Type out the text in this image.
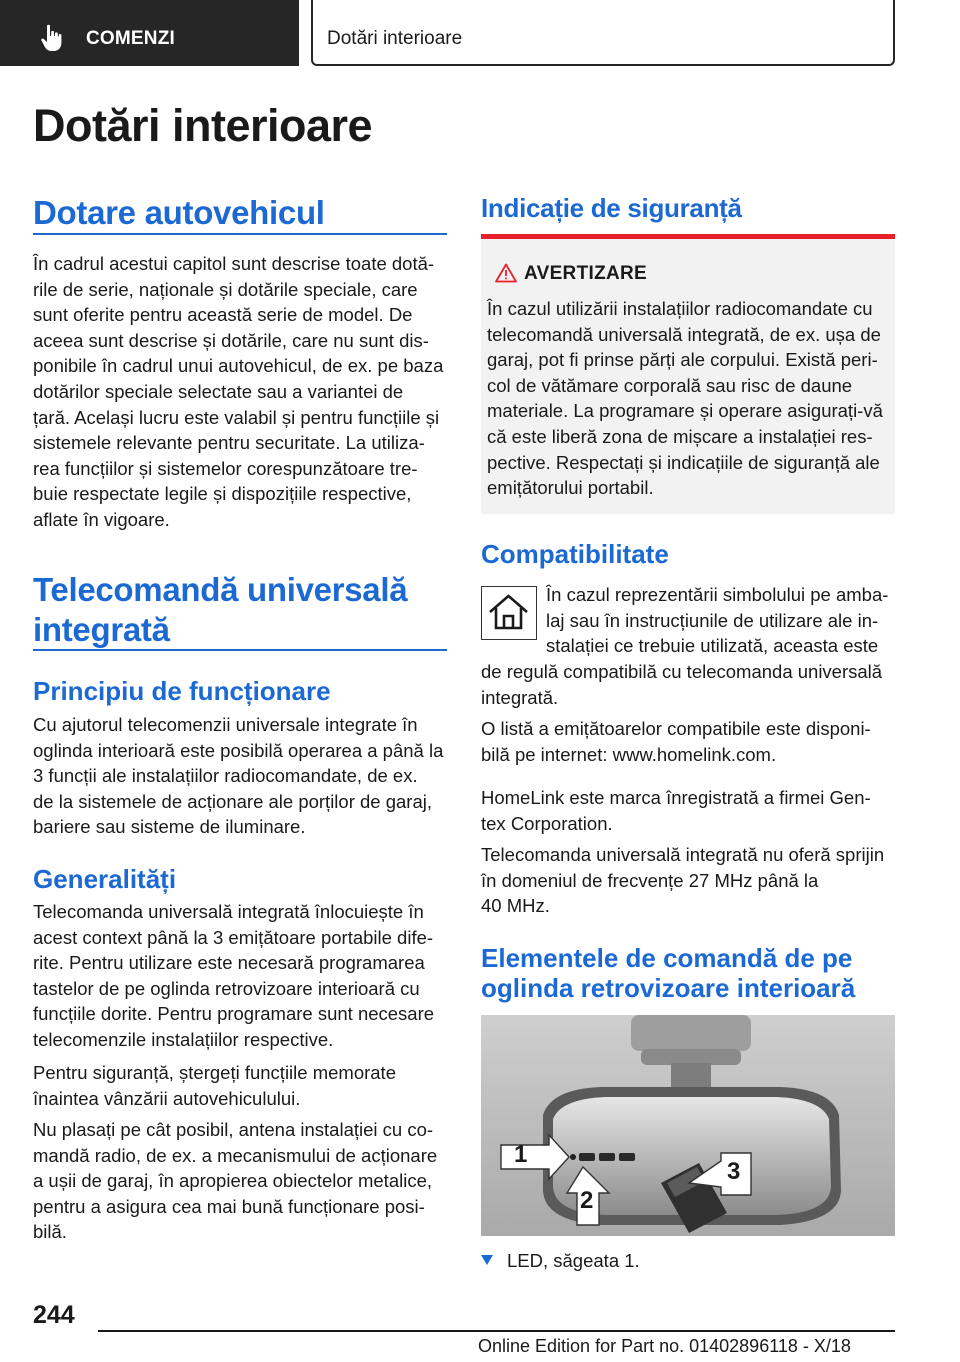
COMENZI	Dotări interioare
Dotări interioare
Dotare autovehicul
În cadrul acestui capitol sunt descrise toate dotă-
rile de serie, naționale și dotările speciale, care
sunt oferite pentru această serie de model. De
aceea sunt descrise și dotările, care nu sunt dis-
ponibile în cadrul unui autovehicul, de ex. pe baza
dotărilor speciale selectate sau a variantei de
țară. Același lucru este valabil și pentru funcțiile și
sistemele relevante pentru securitate. La utiliza-
rea funcțiilor și sistemelor corespunzătoare tre-
buie respectate legile și dispozițiile respective,
aflate în vigoare.
Telecomandă universală
integrată
Principiu de funcționare
Cu ajutorul telecomenzii universale integrate în
oglinda interioară este posibilă operarea a până la
3 funcții ale instalațiilor radiocomandate, de ex.
de la sistemele de acționare ale porților de garaj,
bariere sau sisteme de iluminare.
Generalități
Telecomanda universală integrată înlocuiește în
acest context până la 3 emițătoare portabile dife-
rite. Pentru utilizare este necesară programarea
tastelor de pe oglinda retrovizoare interioară cu
funcțiile dorite. Pentru programare sunt necesare
telecomenzile instalațiilor respective.
Pentru siguranță, ștergeți funcțiile memorate
înaintea vânzării autovehiculului.
Nu plasați pe cât posibil, antena instalației cu co-
mandă radio, de ex. a mecanismului de acționare
a ușii de garaj, în apropierea obiectelor metalice,
pentru a asigura cea mai bună funcționare posi-
bilă.
Indicație de siguranță
AVERTIZARE
În cazul utilizării instalațiilor radiocomandate cu
telecomandă universală integrată, de ex. ușa de
garaj, pot fi prinse părți ale corpului. Există peri-
col de vătămare corporală sau risc de daune
materiale. La programare și operare asigurați-vă
că este liberă zona de mișcare a instalației res-
pective. Respectați și indicațiile de siguranță ale
emițătorului portabil.
Compatibilitate
În cazul reprezentării simbolului pe amba-
laj sau în instrucțiunile de utilizare ale in-
stalației ce trebuie utilizată, aceasta este
de regulă compatibilă cu telecomanda universală
integrată.
O listă a emițătoarelor compatibile este disponi-
bilă pe internet: www.homelink.com.
HomeLink este marca înregistrată a firmei Gen-
tex Corporation.
Telecomanda universală integrată nu oferă sprijin
în domeniul de frecvențe 27 MHz până la
40 MHz.
Elementele de comandă de pe
oglinda retrovizoare interioară
1
2
3
LED, săgeata 1.
244
Online Edition for Part no. 01402896118 - X/18
